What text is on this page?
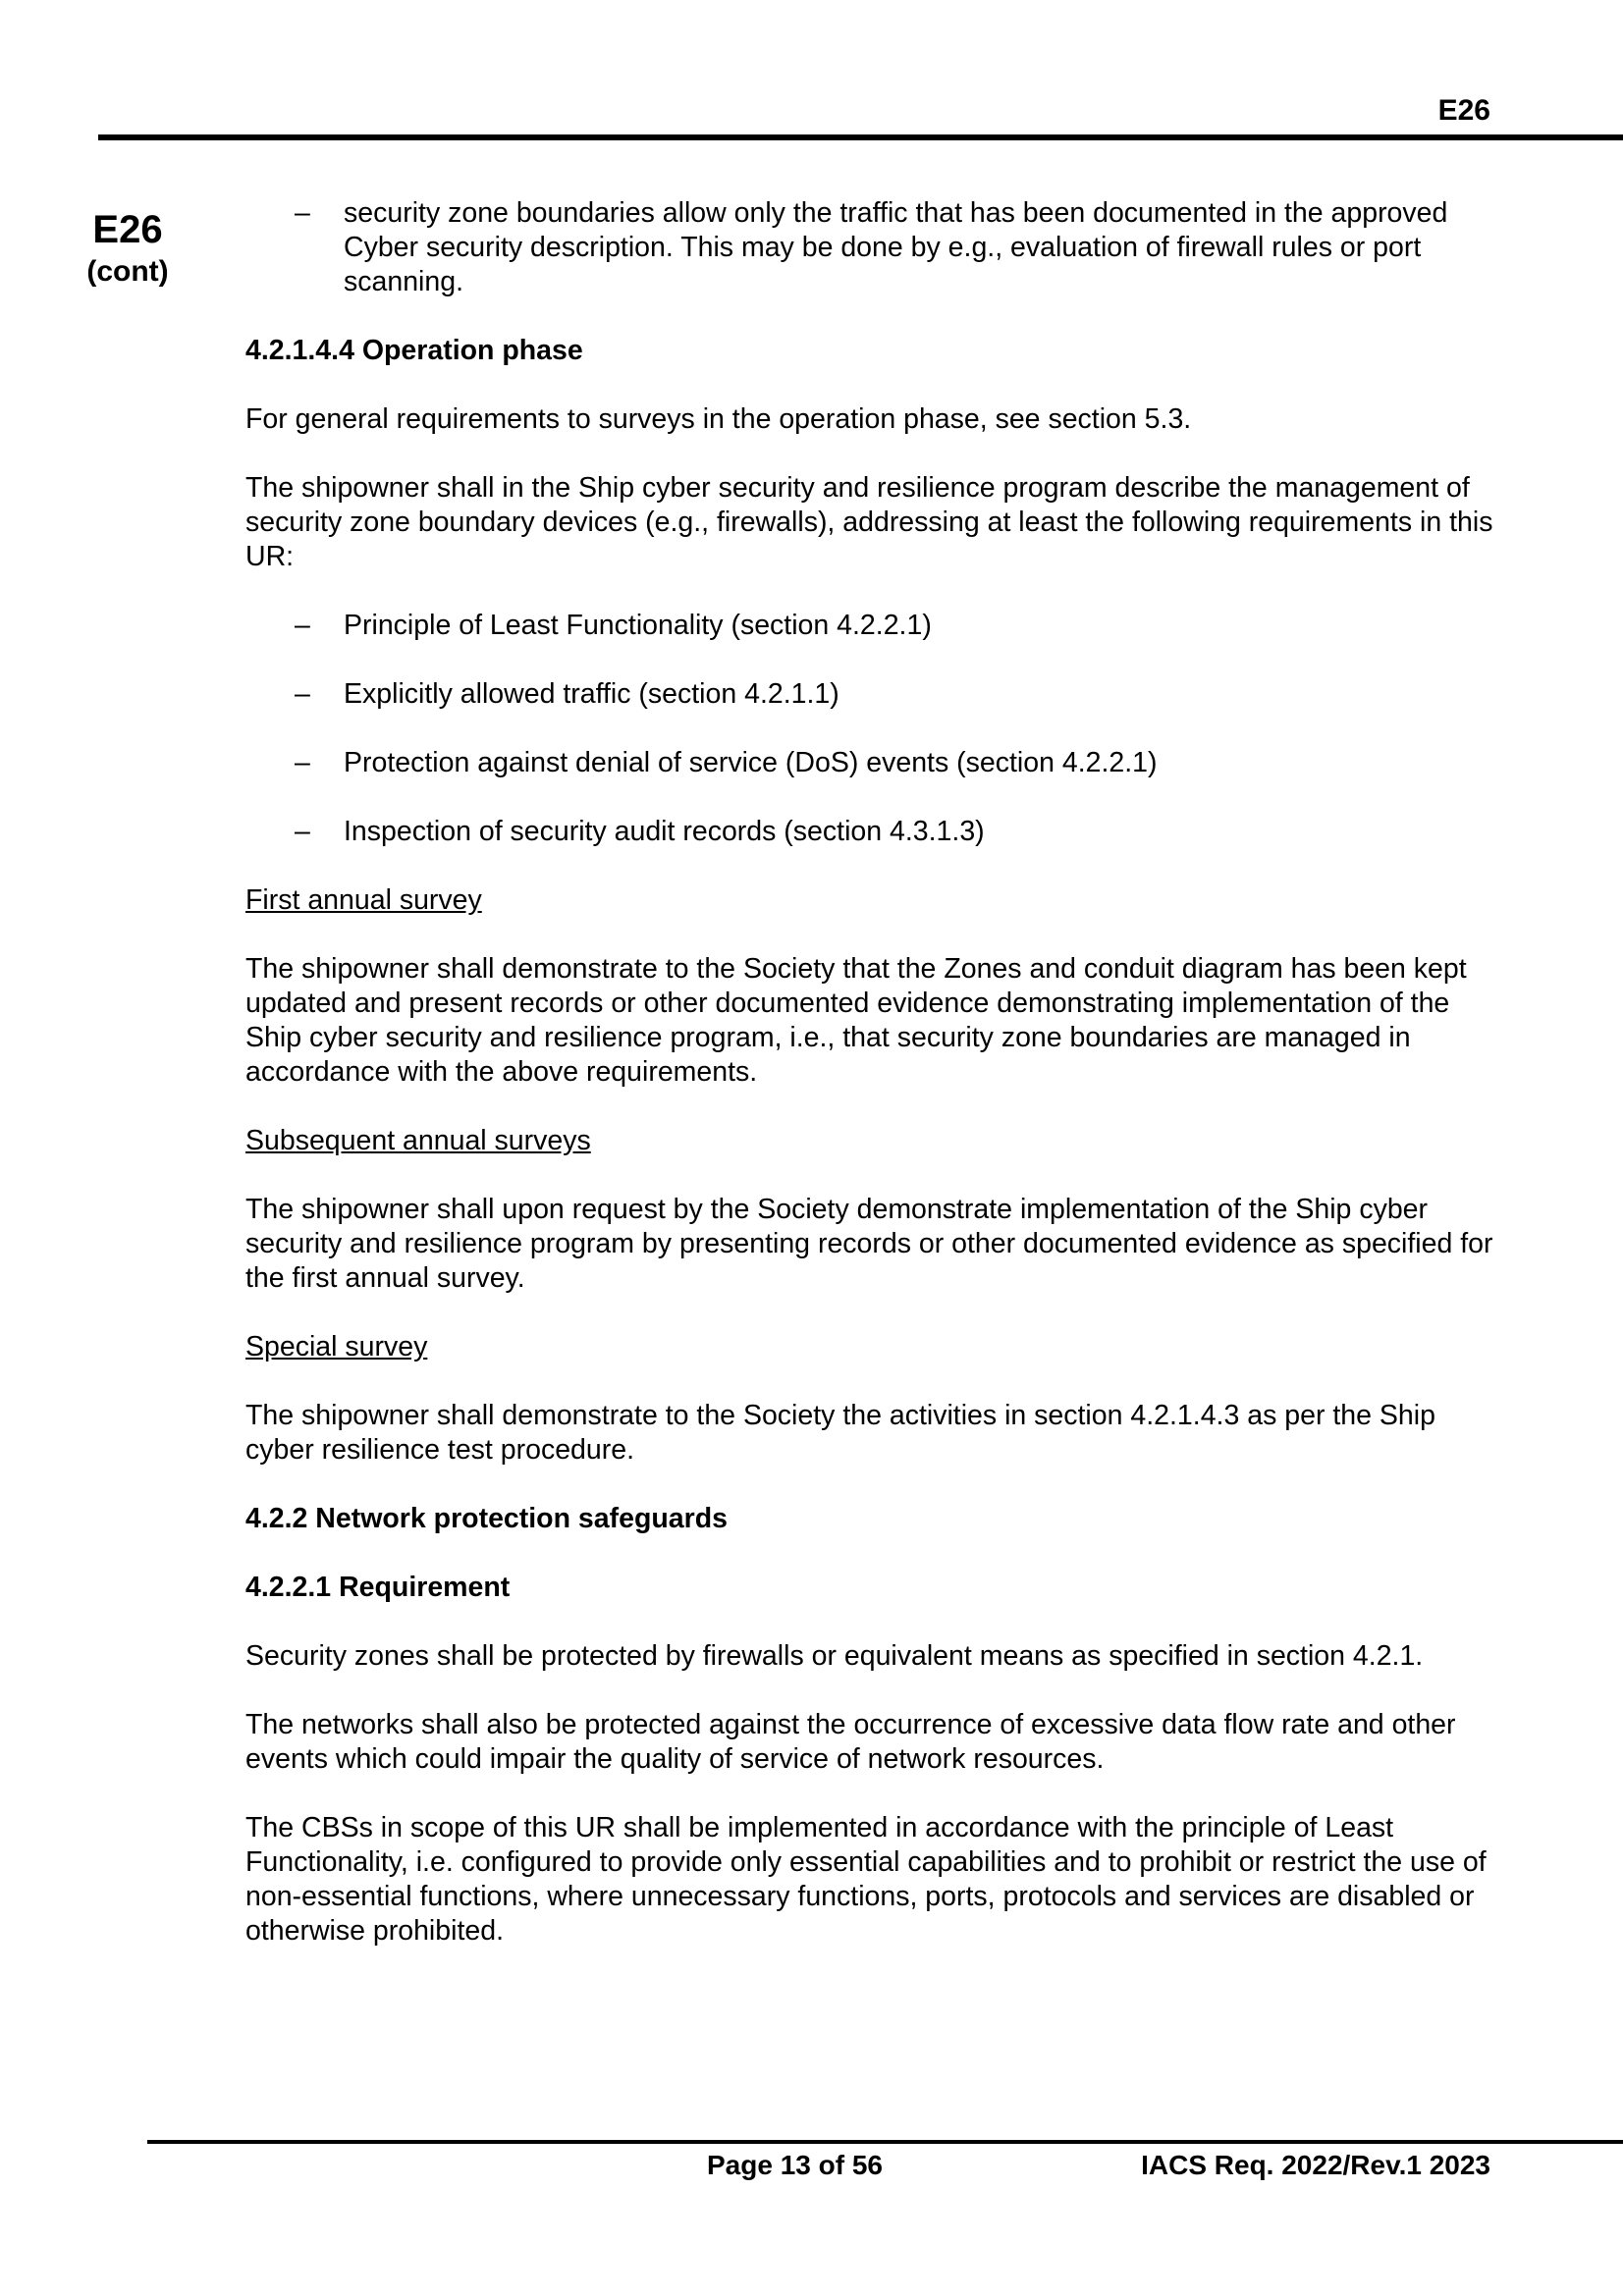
E26
E26
(cont)
– security zone boundaries allow only the traffic that has been documented in the approved Cyber security description. This may be done by e.g., evaluation of firewall rules or port scanning.
4.2.1.4.4 Operation phase

For general requirements to surveys in the operation phase, see section 5.3.

The shipowner shall in the Ship cyber security and resilience program describe the management of security zone boundary devices (e.g., firewalls), addressing at least the following requirements in this UR:

– Principle of Least Functionality (section 4.2.2.1)
– Explicitly allowed traffic (section 4.2.1.1)
– Protection against denial of service (DoS) events (section 4.2.2.1)
– Inspection of security audit records (section 4.3.1.3)

First annual survey

The shipowner shall demonstrate to the Society that the Zones and conduit diagram has been kept updated and present records or other documented evidence demonstrating implementation of the Ship cyber security and resilience program, i.e., that security zone boundaries are managed in accordance with the above requirements.

Subsequent annual surveys

The shipowner shall upon request by the Society demonstrate implementation of the Ship cyber security and resilience program by presenting records or other documented evidence as specified for the first annual survey.

Special survey

The shipowner shall demonstrate to the Society the activities in section 4.2.1.4.3 as per the Ship cyber resilience test procedure.

4.2.2 Network protection safeguards
4.2.2.1 Requirement

Security zones shall be protected by firewalls or equivalent means as specified in section 4.2.1.

The networks shall also be protected against the occurrence of excessive data flow rate and other events which could impair the quality of service of network resources.

The CBSs in scope of this UR shall be implemented in accordance with the principle of Least Functionality, i.e. configured to provide only essential capabilities and to prohibit or restrict the use of non-essential functions, where unnecessary functions, ports, protocols and services are disabled or otherwise prohibited.

Page 13 of 56	IACS Req. 2022/Rev.1 2023
